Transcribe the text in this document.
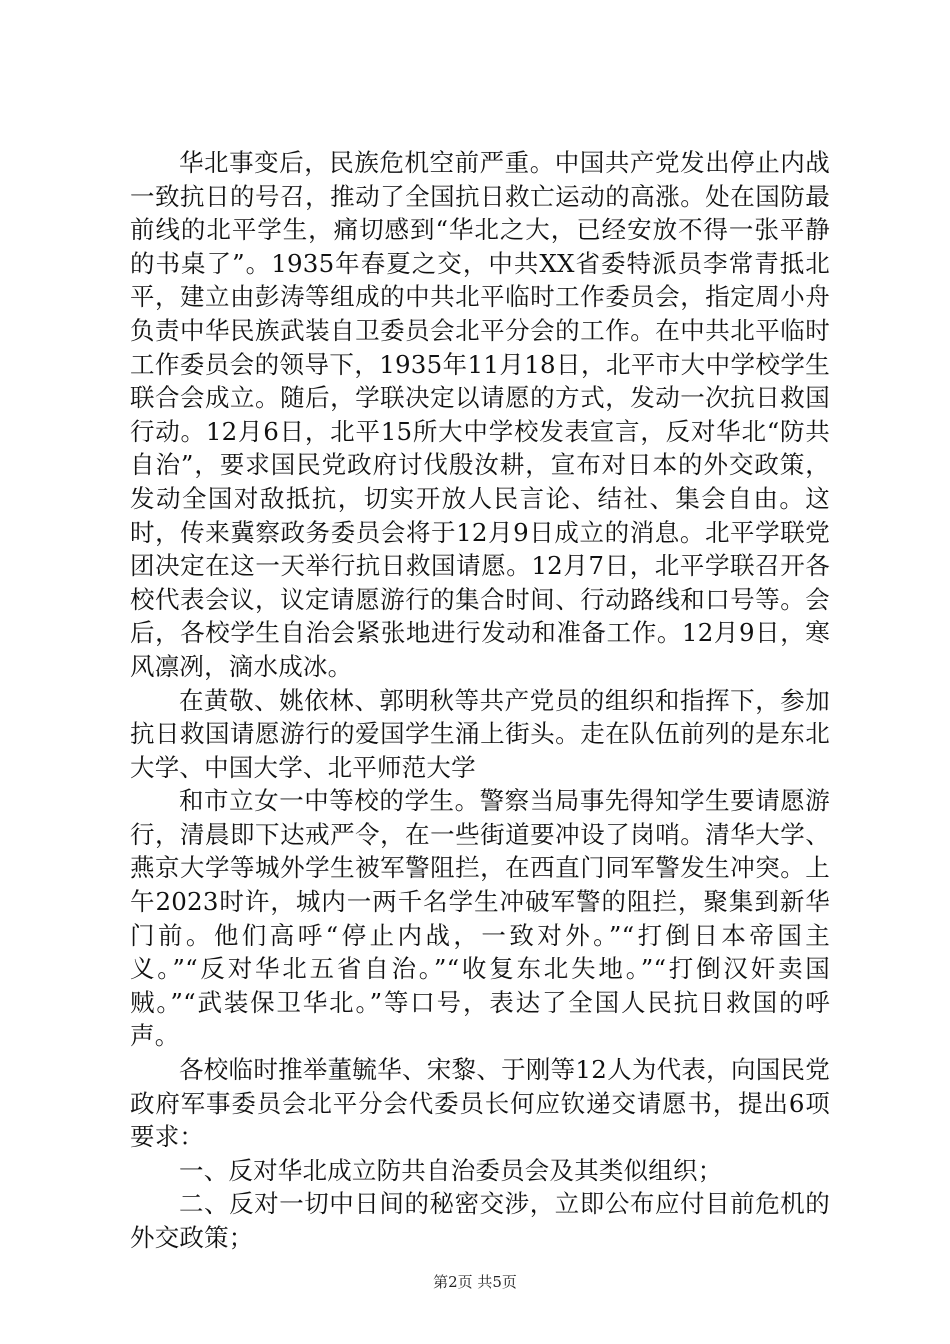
华北事变后，民族危机空前严重。中国共产党发出停止内战一致抗日的号召，推动了全国抗日救亡运动的高涨。处在国防最前线的北平学生，痛切感到“华北之大，已经安放不得一张平静的书桌了”。1935年春夏之交，中共XX省委特派员李常青抵北平，建立由彭涛等组成的中共北平临时工作委员会，指定周小舟负责中华民族武装自卫委员会北平分会的工作。在中共北平临时工作委员会的领导下，1935年11月18日，北平市大中学校学生联合会成立。随后，学联决定以请愿的方式，发动一次抗日救国行动。12月6日，北平15所大中学校发表宣言，反对华北“防共自治”，要求国民党政府讨伐殷汝耕，宣布对日本的外交政策，发动全国对敌抵抗，切实开放人民言论、结社、集会自由。这时，传来冀察政务委员会将于12月9日成立的消息。北平学联党团决定在这一天举行抗日救国请愿。12月7日，北平学联召开各校代表会议，议定请愿游行的集合时间、行动路线和口号等。会后，各校学生自治会紧张地进行发动和准备工作。12月9日，寒风凛冽，滴水成冰。

在黄敬、姚依林、郭明秋等共产党员的组织和指挥下，参加抗日救国请愿游行的爱国学生涌上街头。走在队伍前列的是东北大学、中国大学、北平师范大学

和市立女一中等校的学生。警察当局事先得知学生要请愿游行，清晨即下达戒严令，在一些街道要冲设了岗哨。清华大学、燕京大学等城外学生被军警阻拦，在西直门同军警发生冲突。上午2023时许，城内一两千名学生冲破军警的阻拦，聚集到新华门前。他们高呼“停止内战，一致对外。”“打倒日本帝国主义。”“反对华北五省自治。”“收复东北失地。”“打倒汉奸卖国贼。”“武装保卫华北。”等口号，表达了全国人民抗日救国的呼声。

各校临时推举董毓华、宋黎、于刚等12人为代表，向国民党政府军事委员会北平分会代委员长何应钦递交请愿书，提出6项要求：

一、反对华北成立防共自治委员会及其类似组织；

二、反对一切中日间的秘密交涉，立即公布应付目前危机的外交政策；

第2页 共5页
